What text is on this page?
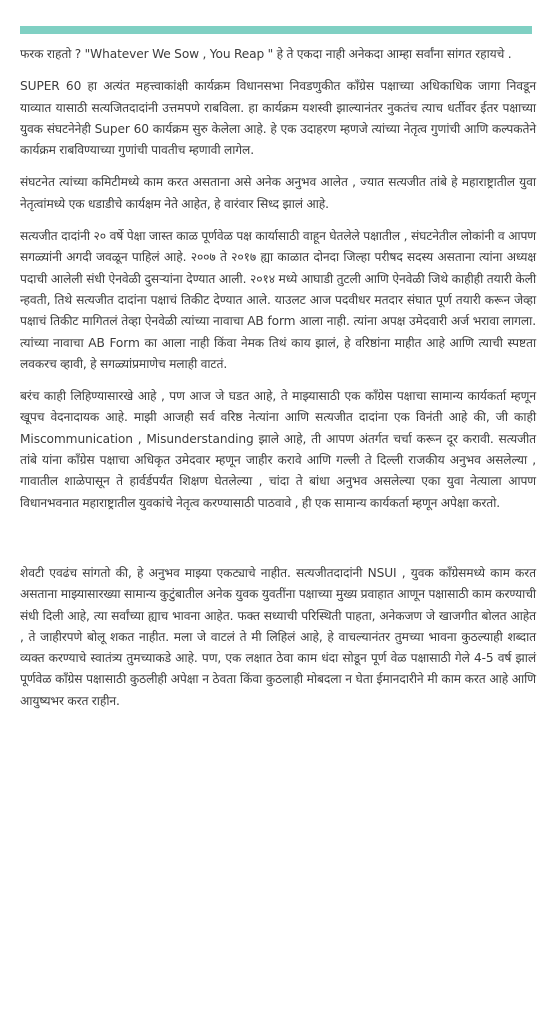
फरक राहतो ? "Whatever We Sow , You Reap " हे ते एकदा नाही अनेकदा आम्हा सर्वांना सांगत रहायचे .

SUPER 60 हा अत्यंत महत्त्वाकांक्षी कार्यक्रम विधानसभा निवडणुकीत काँग्रेस पक्षाच्या अधिकाधिक जागा निवडून याव्यात यासाठी सत्यजितदादांनी उत्तमपणे राबविला. हा कार्यक्रम यशस्वी झाल्यानंतर नुकतंच त्याच धर्तीवर ईतर पक्षाच्या युवक संघटनेनेही Super 60 कार्यक्रम सुरु केलेला आहे. हे एक उदाहरण म्हणजे त्यांच्या नेतृत्व गुणांची आणि कल्पकतेने कार्यक्रम राबविण्याच्या गुणांची पावतीच म्हणावी लागेल.

संघटनेत त्यांच्या कमिटीमध्ये काम करत असताना असे अनेक अनुभव आलेत , ज्यात सत्यजीत तांबे हे महाराष्ट्रातील युवा नेतृत्वांमध्ये एक धडाडीचे कार्यक्षम नेते आहेत, हे वारंवार सिध्द झालं आहे.

सत्यजीत दादांनी २० वर्षे पेक्षा जास्त काळ पूर्णवेळ पक्ष कार्यासाठी वाहून घेतलेले पक्षातील , संघटनेतील लोकांनी व आपण सगळ्यांनी अगदी जवळून पाहिलं आहे. २००७ ते २०१७ ह्या काळात दोनदा जिल्हा परीषद सदस्य असताना त्यांना अध्यक्ष पदाची आलेली संधी ऐनवेळी दुसऱ्यांना देण्यात आली. २०१४ मध्ये आघाडी तुटली आणि ऐनवेळी जिथे काहीही तयारी केली न्हवती, तिथे सत्यजीत दादांना पक्षाचं तिकीट देण्यात आले. याउलट आज पदवीधर मतदार संघात पूर्ण तयारी करून जेव्हा पक्षाचं तिकीट मागितलं तेव्हा ऐनवेळी त्यांच्या नावाचा AB form आला नाही. त्यांना अपक्ष उमेदवारी अर्ज भरावा लागला. त्यांच्या नावाचा AB Form का आला नाही किंवा नेमक तिथं काय झालं, हे वरिष्ठांना माहीत आहे आणि त्याची स्पष्टता लवकरच व्हावी, हे सगळ्यांप्रमाणेच मलाही वाटतं.

बरंच काही लिहिण्यासारखे आहे , पण आज जे घडत आहे, ते माझ्यासाठी एक काँग्रेस पक्षाचा सामान्य कार्यकर्ता म्हणून खूपच वेदनादायक आहे. माझी आजही सर्व वरिष्ठ नेत्यांना आणि सत्यजीत दादांना एक विनंती आहे की, जी काही Miscommunication , Misunderstanding झाले आहे, ती आपण अंतर्गत चर्चा करून दूर करावी. सत्यजीत तांबे यांना काँग्रेस पक्षाचा अधिकृत उमेदवार म्हणून जाहीर करावे आणि गल्ली ते दिल्ली राजकीय अनुभव असलेल्या , गावातील शाळेपासून ते हार्वर्डपर्यंत शिक्षण घेतलेल्या , चांदा ते बांधा अनुभव असलेल्या एका युवा नेत्याला आपण विधानभवनात महाराष्ट्रातील युवकांचे नेतृत्व करण्यासाठी पाठवावे , ही एक सामान्य कार्यकर्ता म्हणून अपेक्षा करतो.

शेवटी एवढंच सांगतो की, हे अनुभव माझ्या एकट्याचे नाहीत. सत्यजीतदादांनी NSUI , युवक काँग्रेसमध्ये काम करत असताना माझ्यासारख्या सामान्य कुटुंबातील अनेक युवक युवतींना पक्षाच्या मुख्य प्रवाहात आणून पक्षासाठी काम करण्याची संधी दिली आहे, त्या सर्वांच्या ह्याच भावना आहेत. फक्त सध्याची परिस्थिती पाहता, अनेकजण जे खाजगीत बोलत आहेत , ते जाहीरपणे बोलू शकत नाहीत. मला जे वाटलं ते मी लिहिलं आहे, हे वाचल्यानंतर तुमच्या भावना कुठल्याही शब्दात व्यक्त करण्याचे स्वातंत्र्य तुमच्याकडे आहे. पण, एक लक्षात ठेवा काम धंदा सोडून पूर्ण वेळ पक्षासाठी गेले 4-5 वर्ष झालं पूर्णवेळ काँग्रेस पक्षासाठी कुठलीही अपेक्षा न ठेवता किंवा कुठलाही मोबदला न घेता ईमानदारीने मी काम करत आहे आणि आयुष्यभर करत राहीन.
